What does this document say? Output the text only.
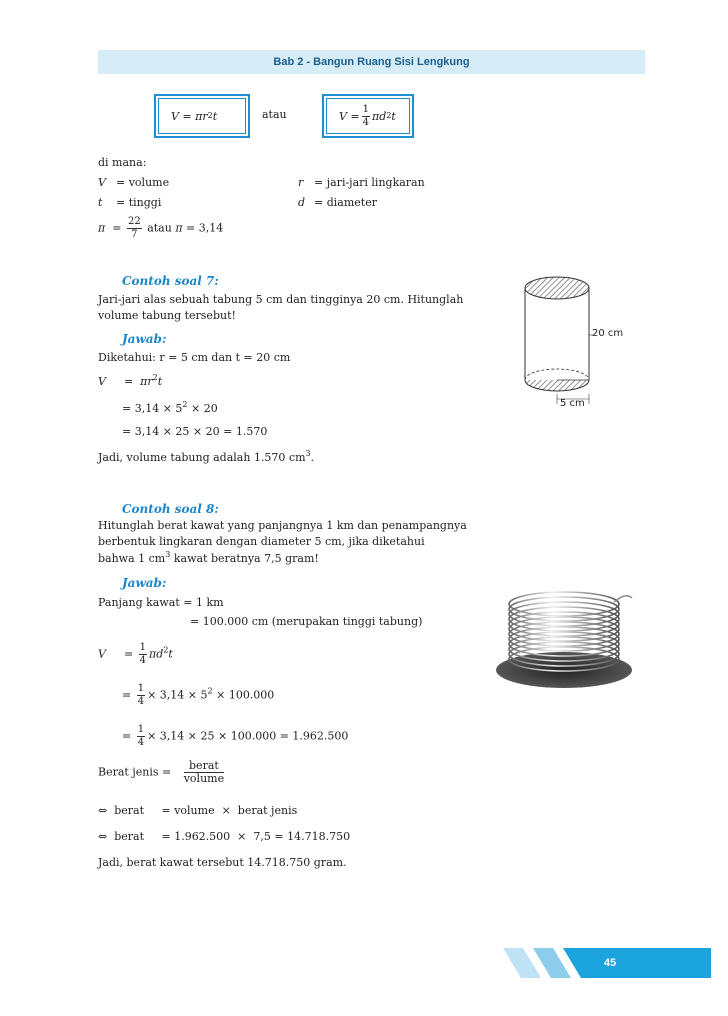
Bab 2 - Bangun Ruang Sisi Lengkung
V
=
πr 2 t	atau	V
= $\frac{1}{4}$ πd 2 t
di mana:
V = volume	r = jari-jari lingkaran
t = tinggi	d = diameter
$\pi = \frac{22}{7}$ atau π = 3,14
Contoh soal 7:
Jari-jari alas sebuah tabung 5 cm dan tingginya 20 cm. Hitunglah
volume tabung tersebut!
Jawab:
Diketahui: r = 5 cm dan t = 20 cm
$V = \pi r^2t$
= $3,14 \times 5^2 \times 20$
= 3,14 × 25 × 20 = 1.570
Jadi, volume tabung adalah 1.570 $cm^3$.
20 cm
5 cm
Contoh soal 8:
Hitunglah berat kawat yang panjangnya 1 km dan penampangnya
berbentuk lingkaran dengan diameter 5 cm, jika diketahui
bahwa 1 $cm^3$ kawat beratnya 7,5 gram!
Jawab:
Panjang kawat = 1 km
= 100.000 cm (merupakan tinggi tabung)
$V = \frac{1}{4} \pi d^2t$
= $\frac{1}{4} \times 3,14 \times 5^2 \times 100.000$
= $\frac{1}{4} \times 3,14 \times 25 \times 100.000 = 1.962.500$
Berat jenis = $\frac{\text{berat}}{\text{volume}}$
⇔  berat     = volume  ×  berat jenis
⇔  berat     = 1.962.500  ×  7,5 = 14.718.750
Jadi, berat kawat tersebut 14.718.750 gram.
45
